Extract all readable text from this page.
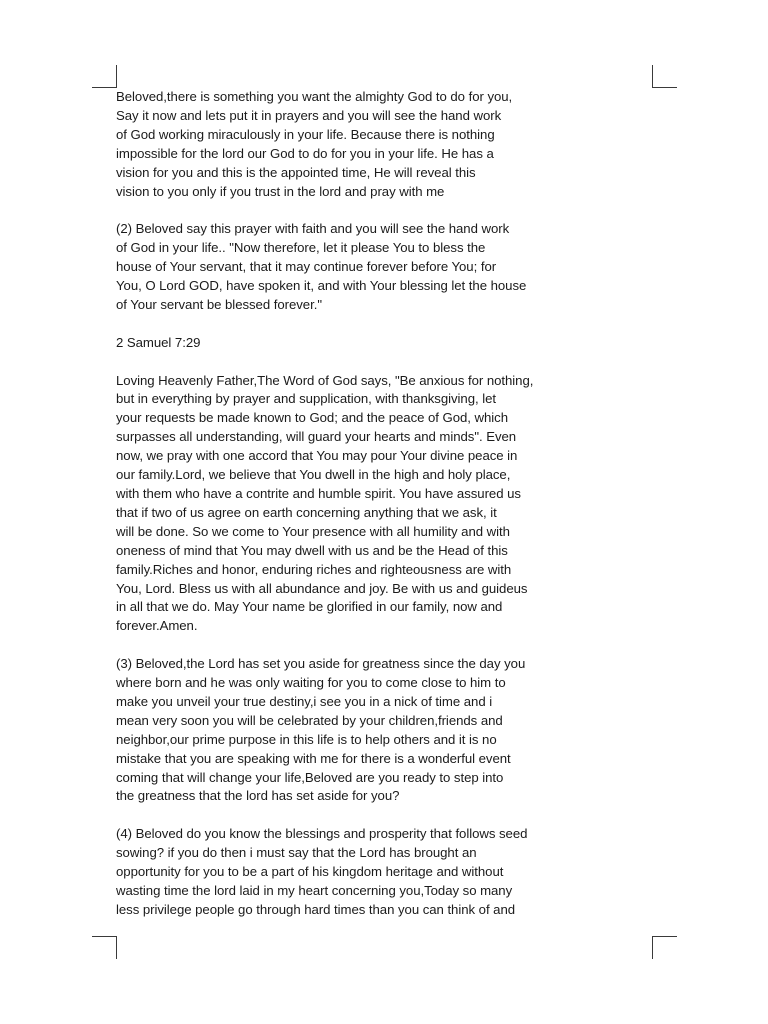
Beloved,there is something you want the almighty God to do for you,
Say it now and lets put it in prayers and you will see the hand work
of God working miraculously in your life. Because there is nothing
impossible for the lord our God to do for you in your life. He has a
vision for you and this is the appointed time, He will reveal this
vision to you only if you trust in the lord and pray with me

(2) Beloved say this prayer with faith and you will see the hand work
of God in your life.. "Now therefore, let it please You to bless the
house of Your servant, that it may continue forever before You; for
You, O Lord GOD, have spoken it, and with Your blessing let the house
of Your servant be blessed forever."

2 Samuel 7:29

Loving Heavenly Father,The Word of God says, "Be anxious for nothing,
but in everything by prayer and supplication, with thanksgiving, let
your requests be made known to God; and the peace of God, which
surpasses all understanding, will guard your hearts and minds". Even
now, we pray with one accord that You may pour Your divine peace in
our family.Lord, we believe that You dwell in the high and holy place,
with them who have a contrite and humble spirit. You have assured us
that if two of us agree on earth concerning anything that we ask, it
will be done. So we come to Your presence with all humility and with
oneness of mind that You may dwell with us and be the Head of this
family.Riches and honor, enduring riches and righteousness are with
You, Lord. Bless us with all abundance and joy. Be with us and guideus
in all that we do. May Your name be glorified in our family, now and
forever.Amen.

(3) Beloved,the Lord has set you aside for greatness since the day you
where born and he was only waiting for you to come close to him to
make you unveil your true destiny,i see you in a nick of time and i
mean very soon you will be celebrated by your children,friends and
neighbor,our prime purpose in this life is to help others and it is no
mistake that you are speaking with me for there is a wonderful event
coming that will change your life,Beloved are you ready to step into
the greatness that the lord has set aside for you?

(4) Beloved do you know the blessings and prosperity that follows seed
sowing? if you do then i must say that the Lord has brought an
opportunity for you to be a part of his kingdom heritage and without
wasting time the lord laid in my heart concerning you,Today so many
less privilege people go through hard times than you can think of and
